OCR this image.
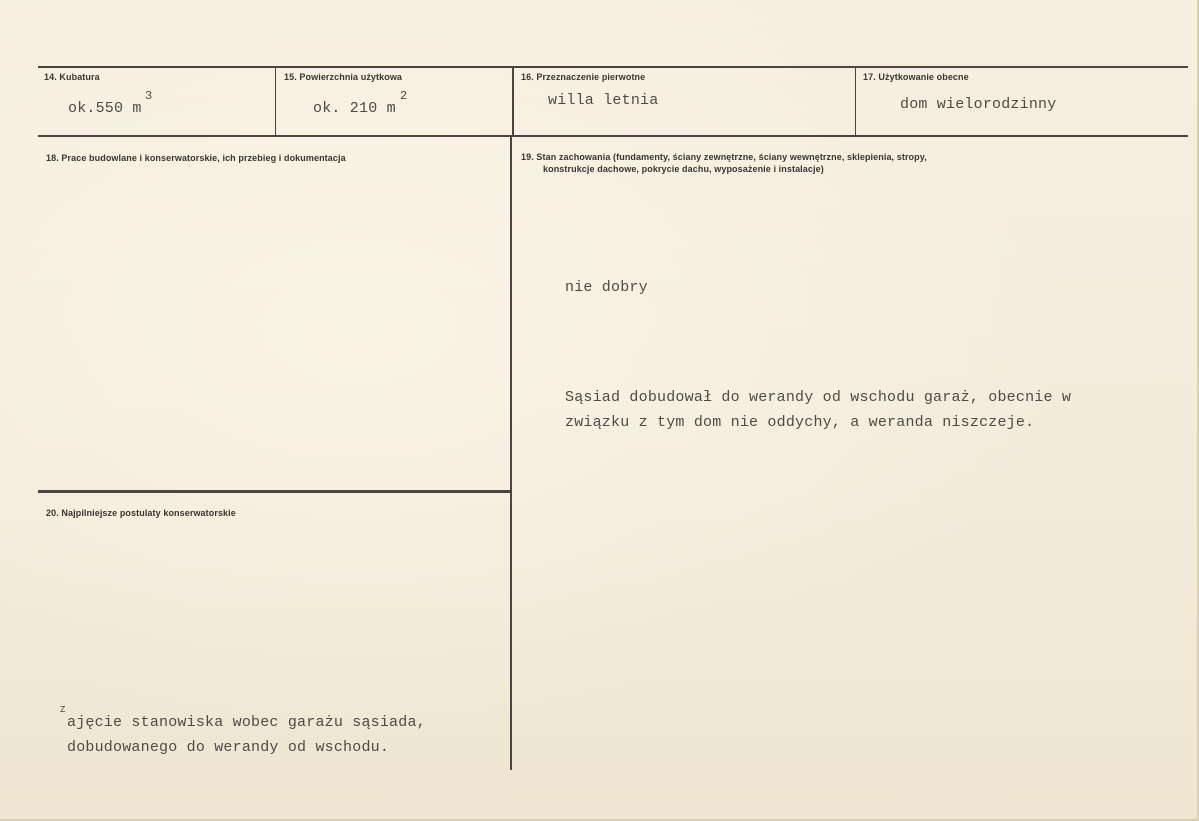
14. Kubatura
ok.550 m
3
15. Powierzchnia użytkowa
ok. 210 m
2
16. Przeznaczenie pierwotne
willa letnia
17. Użytkowanie obecne
dom wielorodzinny
18. Prace budowlane i konserwatorskie, ich przebieg i dokumentacja	19. Stan zachowania (fundamenty, ściany zewnętrzne, ściany wewnętrzne, sklepienia, stropy,
konstrukcje dachowe, pokrycie dachu, wyposażenie i instalacje)
nie dobry
Sąsiad dobudował do werandy od wschodu garaż, obecnie w
związku z tym dom nie oddychy, a weranda niszczeje.
20. Najpilniejsze postulaty konserwatorskie
Z
ajęcie stanowiska wobec garażu sąsiada,
dobudowanego do werandy od wschodu.
